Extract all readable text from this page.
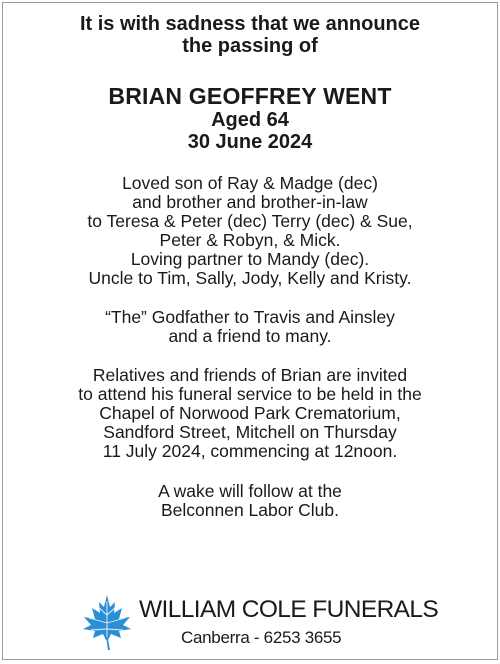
It is with sadness that we announce
the passing of

BRIAN GEOFFREY WENT

Aged 64

30 June 2024

Loved son of Ray & Madge (dec)
and brother and brother-in-law
to Teresa & Peter (dec) Terry (dec) & Sue,
Peter & Robyn, & Mick.
Loving partner to Mandy (dec).
Uncle to Tim, Sally, Jody, Kelly and Kristy.

“The” Godfather to Travis and Ainsley
and a friend to many.

Relatives and friends of Brian are invited
to attend his funeral service to be held in the
Chapel of Norwood Park Crematorium,
Sandford Street, Mitchell on Thursday
11 July 2024, commencing at 12noon.

A wake will follow at the
Belconnen Labor Club.

WILLIAM COLE FUNERALS
Canberra - 6253 3655
